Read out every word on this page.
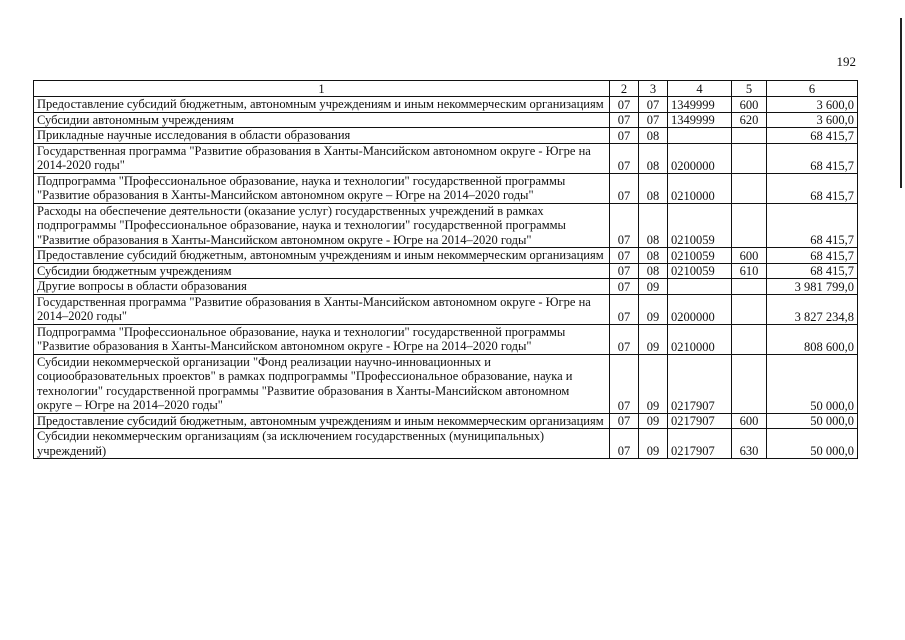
192
1	2	3	4	5	6
Предоставление субсидий бюджетным, автономным учреждениям и иным некоммерческим организациям	07	07	1349999	600	3 600,0
Субсидии автономным учреждениям	07	07	1349999	620	3 600,0
Прикладные научные исследования в области образования	07	08			68 415,7
Государственная программа "Развитие образования в Ханты-Мансийском автономном округе - Югре на 2014-2020 годы"	07	08	0200000		68 415,7
Подпрограмма "Профессиональное образование, наука и технологии" государственной программы "Развитие образования в Ханты-Мансийском автономном округе – Югре на 2014–2020 годы"	07	08	0210000		68 415,7
Расходы на обеспечение деятельности (оказание услуг) государственных учреждений в рамках подпрограммы "Профессиональное образование, наука и технологии" государственной программы "Развитие образования в Ханты-Мансийском автономном округе - Югре на 2014–2020 годы"	07	08	0210059		68 415,7
Предоставление субсидий бюджетным, автономным учреждениям и иным некоммерческим организациям	07	08	0210059	600	68 415,7
Субсидии бюджетным учреждениям	07	08	0210059	610	68 415,7
Другие вопросы в области образования	07	09			3 981 799,0
Государственная программа "Развитие образования в Ханты-Мансийском автономном округе - Югре на 2014–2020 годы"	07	09	0200000		3 827 234,8
Подпрограмма "Профессиональное образование, наука и технологии" государственной программы "Развитие образования в Ханты-Мансийском автономном округе - Югре на 2014–2020 годы"	07	09	0210000		808 600,0
Субсидии некоммерческой организации "Фонд реализации научно-инновационных и социообразовательных проектов" в рамках подпрограммы "Профессиональное образование, наука и технологии" государственной программы "Развитие образования в Ханты-Мансийском автономном округе – Югре на 2014–2020 годы"	07	09	0217907		50 000,0
Предоставление субсидий бюджетным, автономным учреждениям и иным некоммерческим организациям	07	09	0217907	600	50 000,0
Субсидии некоммерческим организациям (за исключением государственных (муниципальных) учреждений)	07	09	0217907	630	50 000,0
